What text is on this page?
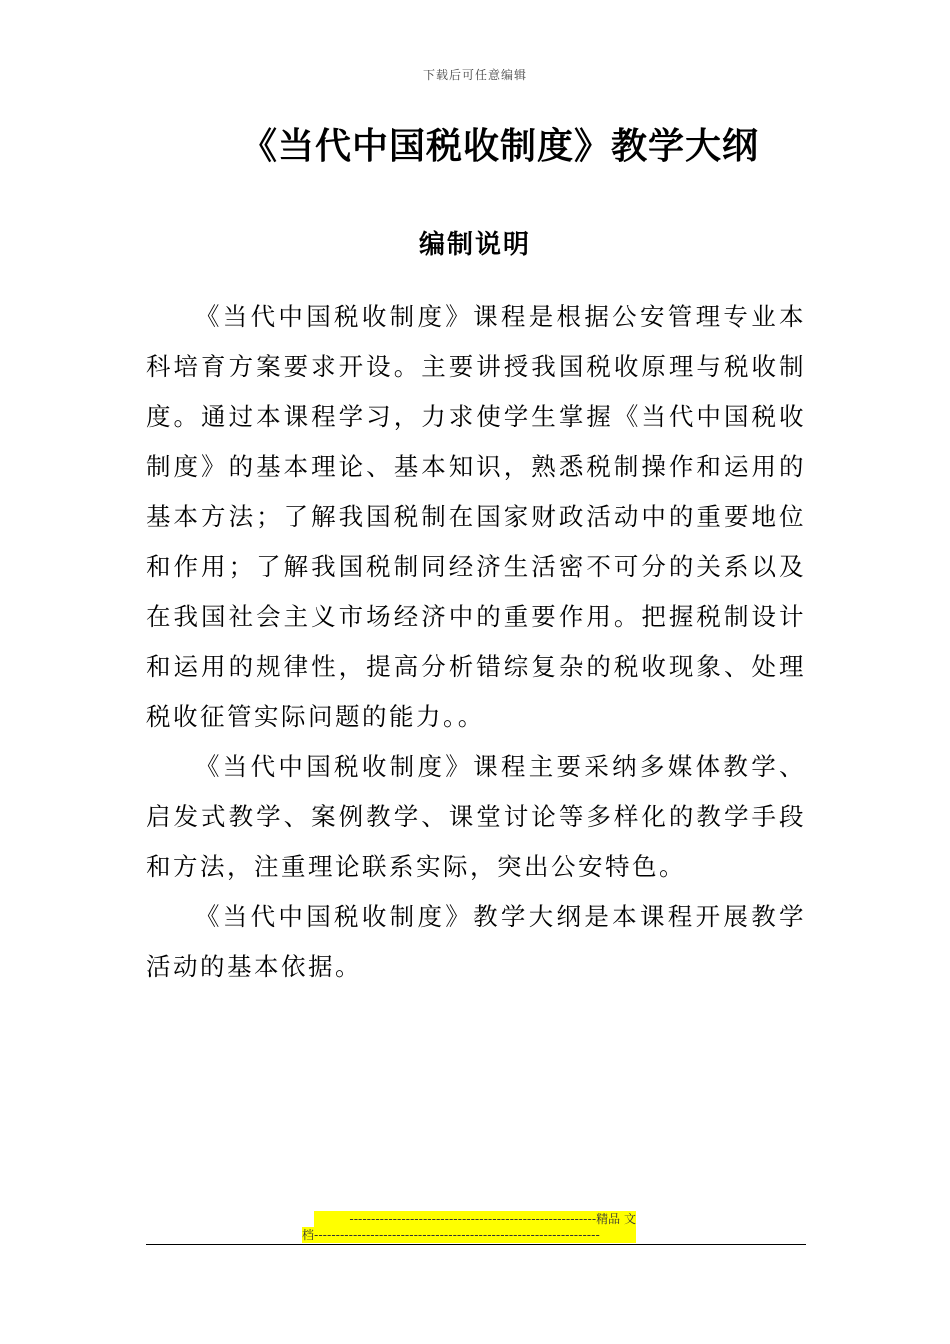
下载后可任意编辑
《当代中国税收制度》教学大纲
编制说明

《当代中国税收制度》课程是根据公安管理专业本科培育方案要求开设。主要讲授我国税收原理与税收制度。通过本课程学习，力求使学生掌握《当代中国税收制度》的基本理论、基本知识，熟悉税制操作和运用的基本方法；了解我国税制在国家财政活动中的重要地位和作用；了解我国税制同经济生活密不可分的关系以及在我国社会主义市场经济中的重要作用。把握税制设计和运用的规律性，提高分析错综复杂的税收现象、处理税收征管实际问题的能力。。

《当代中国税收制度》课程主要采纳多媒体教学、启发式教学、案例教学、课堂讨论等多样化的教学手段和方法，注重理论联系实际，突出公安特色。

《当代中国税收制度》教学大纲是本课程开展教学活动的基本依据。

---------------------------------------------------------精品 文
档------------------------------------------------------------------
